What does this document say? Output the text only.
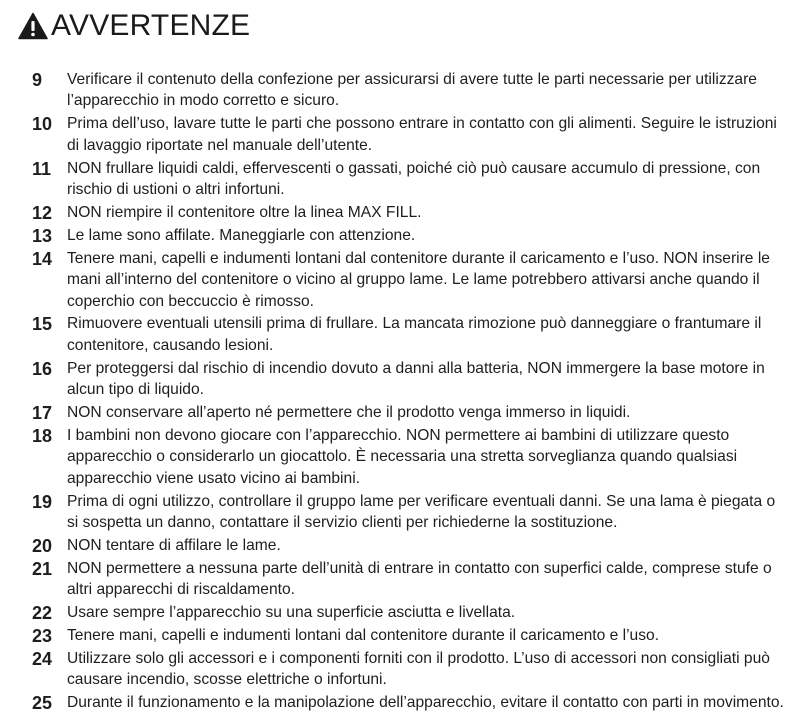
AVVERTENZE
9 Verificare il contenuto della confezione per assicurarsi di avere tutte le parti necessarie per utilizzare l’apparecchio in modo corretto e sicuro.
10 Prima dell’uso, lavare tutte le parti che possono entrare in contatto con gli alimenti. Seguire le istruzioni di lavaggio riportate nel manuale dell’utente.
11 NON frullare liquidi caldi, effervescenti o gassati, poiché ciò può causare accumulo di pressione, con rischio di ustioni o altri infortuni.
12 NON riempire il contenitore oltre la linea MAX FILL.
13 Le lame sono affilate. Maneggiarle con attenzione.
14 Tenere mani, capelli e indumenti lontani dal contenitore durante il caricamento e l’uso. NON inserire le mani all’interno del contenitore o vicino al gruppo lame. Le lame potrebbero attivarsi anche quando il coperchio con beccuccio è rimosso.
15 Rimuovere eventuali utensili prima di frullare. La mancata rimozione può danneggiare o frantumare il contenitore, causando lesioni.
16 Per proteggersi dal rischio di incendio dovuto a danni alla batteria, NON immergere la base motore in alcun tipo di liquido.
17 NON conservare all’aperto né permettere che il prodotto venga immerso in liquidi.
18 I bambini non devono giocare con l’apparecchio. NON permettere ai bambini di utilizzare questo apparecchio o considerarlo un giocattolo. È necessaria una stretta sorveglianza quando qualsiasi apparecchio viene usato vicino ai bambini.
19 Prima di ogni utilizzo, controllare il gruppo lame per verificare eventuali danni. Se una lama è piegata o si sospetta un danno, contattare il servizio clienti per richiederne la sostituzione.
20 NON tentare di affilare le lame.
21 NON permettere a nessuna parte dell’unità di entrare in contatto con superfici calde, comprese stufe o altri apparecchi di riscaldamento.
22 Usare sempre l’apparecchio su una superficie asciutta e livellata.
23 Tenere mani, capelli e indumenti lontani dal contenitore durante il caricamento e l’uso.
24 Utilizzare solo gli accessori e i componenti forniti con il prodotto. L’uso di accessori non consigliati può causare incendio, scosse elettriche o infortuni.
25 Durante il funzionamento e la manipolazione dell’apparecchio, evitare il contatto con parti in movimento.
